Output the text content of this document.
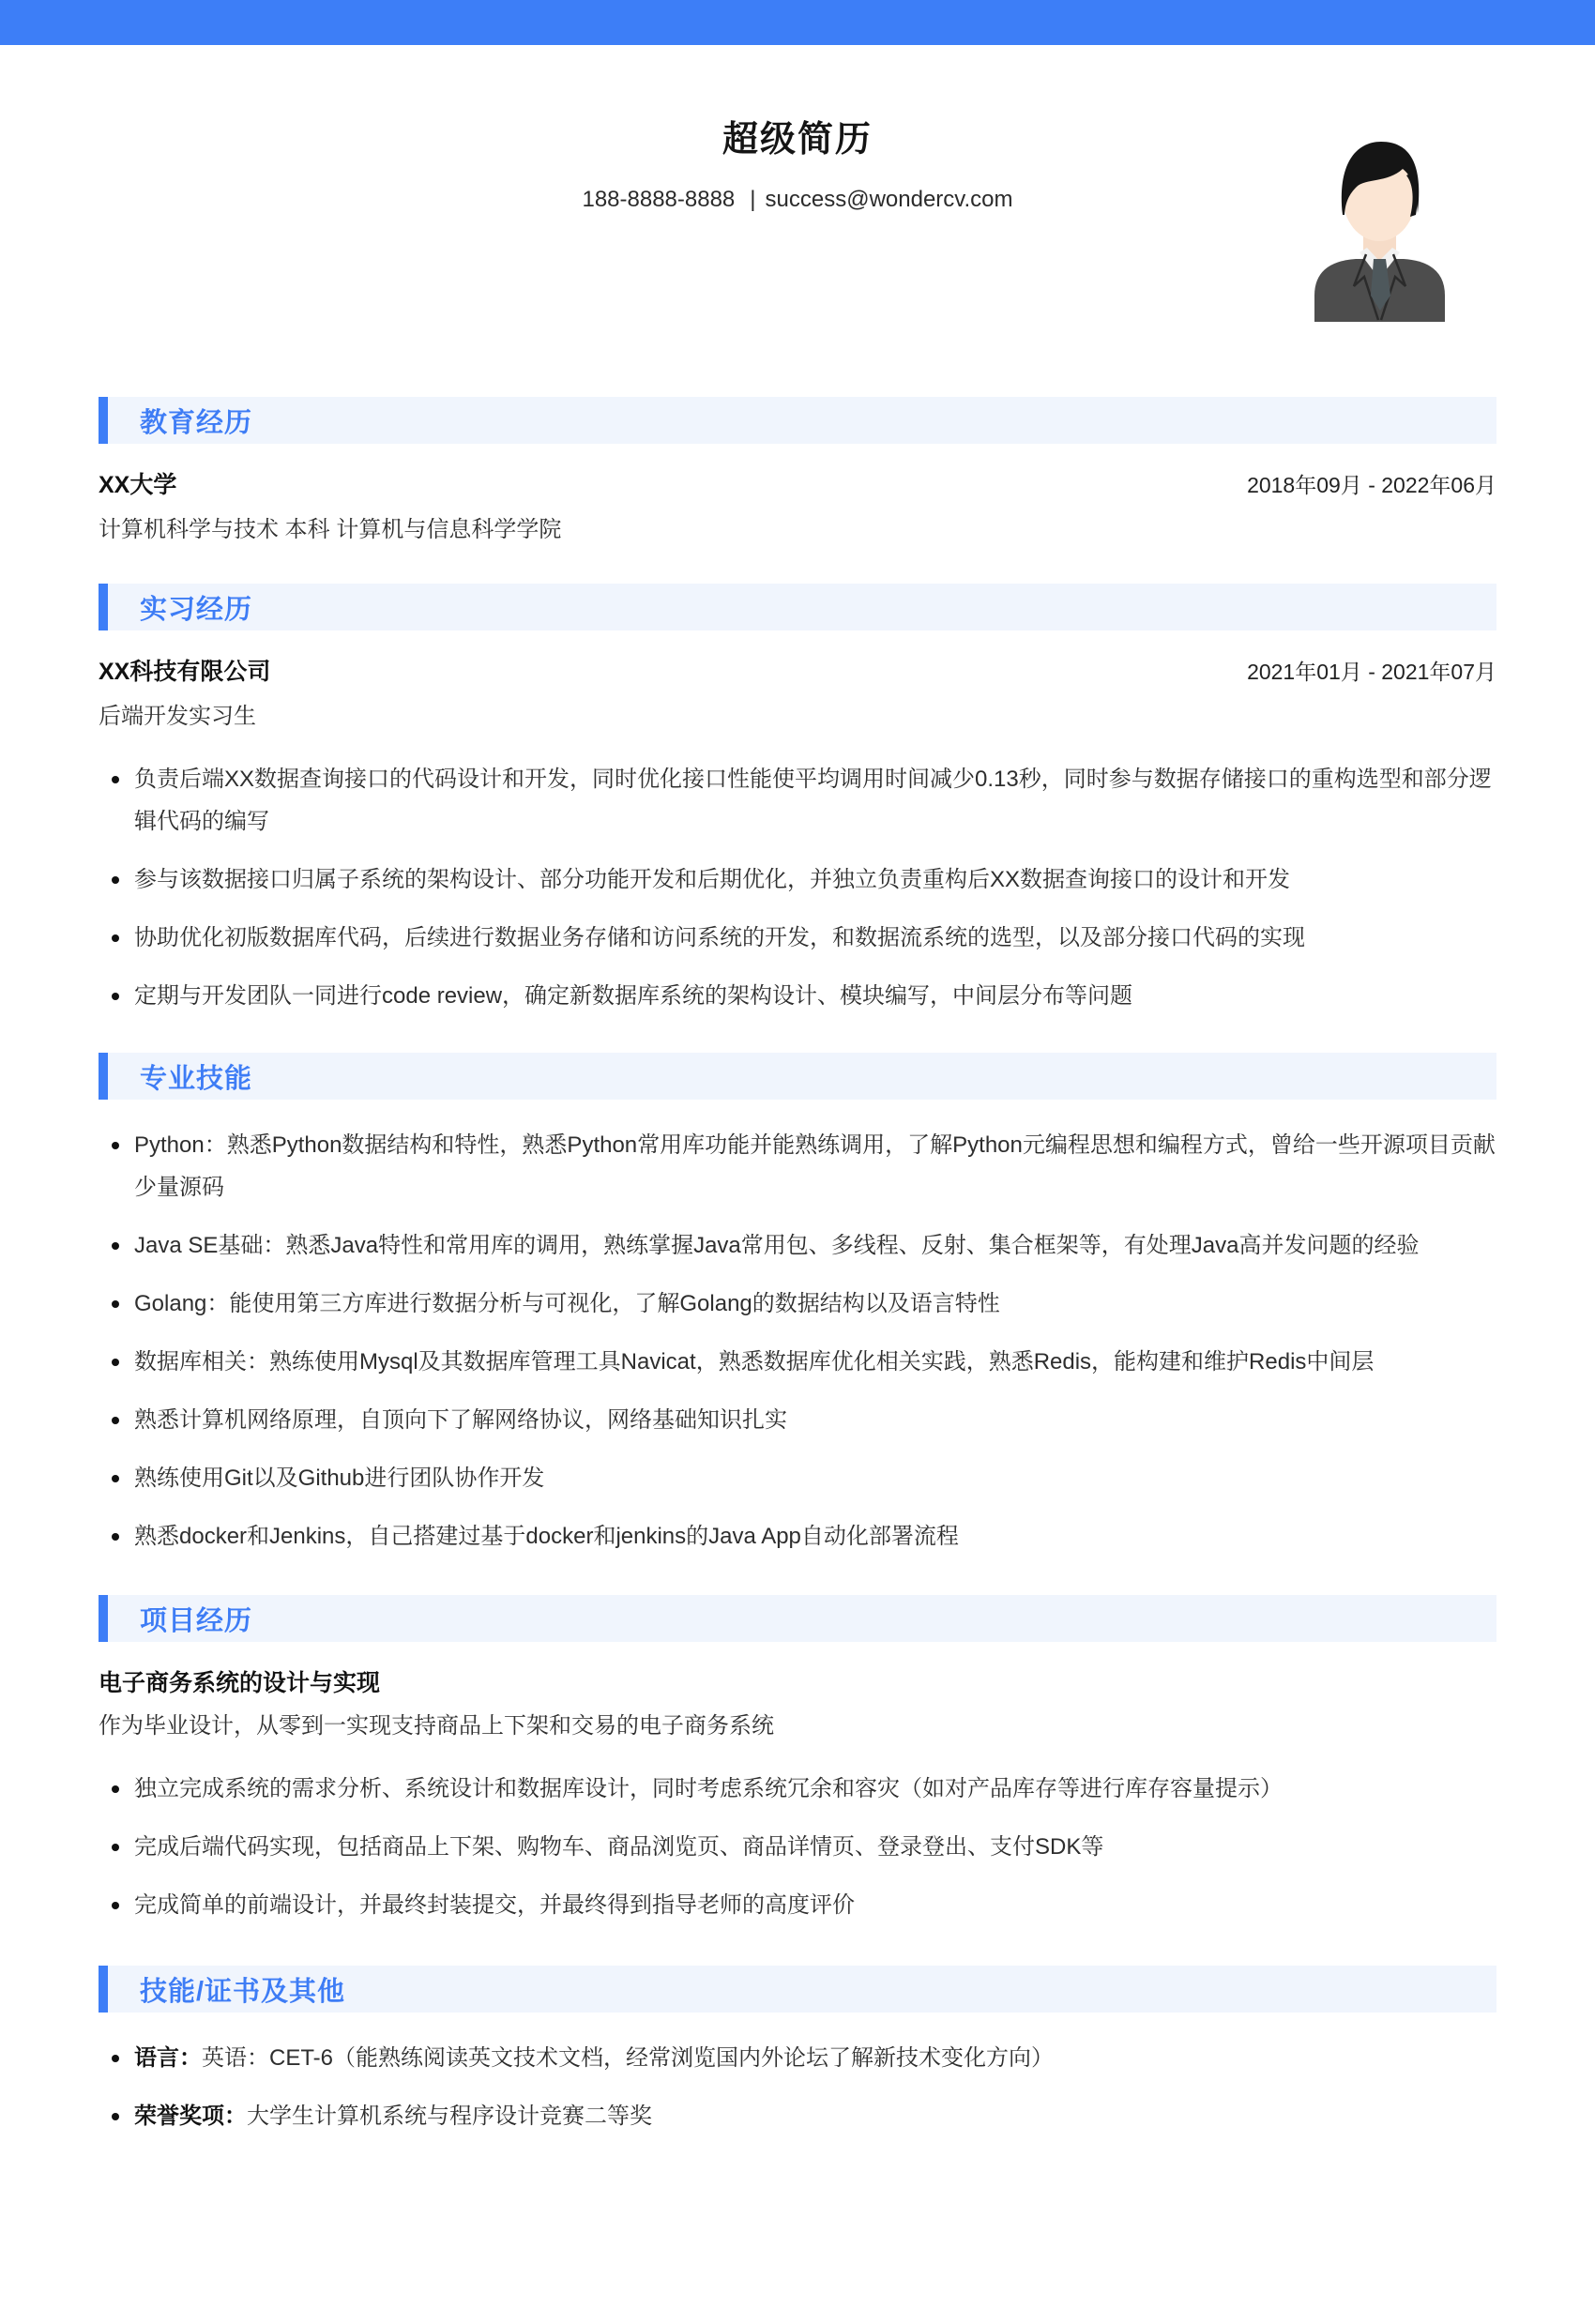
超级简历
188-8888-8888 | success@wondercv.com
教育经历
XX大学	2018年09月 - 2022年06月
计算机科学与技术 本科 计算机与信息科学学院
实习经历
XX科技有限公司	2021年01月 - 2021年07月
后端开发实习生
负责后端XX数据查询接口的代码设计和开发，同时优化接口性能使平均调用时间减少0.13秒，同时参与数据存储接口的重构选型和部分逻辑代码的编写
参与该数据接口归属子系统的架构设计、部分功能开发和后期优化，并独立负责重构后XX数据查询接口的设计和开发
协助优化初版数据库代码，后续进行数据业务存储和访问系统的开发，和数据流系统的选型，以及部分接口代码的实现
定期与开发团队一同进行code review，确定新数据库系统的架构设计、模块编写，中间层分布等问题
专业技能
Python：熟悉Python数据结构和特性，熟悉Python常用库功能并能熟练调用，了解Python元编程思想和编程方式，曾给一些开源项目贡献少量源码
Java SE基础：熟悉Java特性和常用库的调用，熟练掌握Java常用包、多线程、反射、集合框架等，有处理Java高并发问题的经验
Golang：能使用第三方库进行数据分析与可视化，了解Golang的数据结构以及语言特性
数据库相关：熟练使用Mysql及其数据库管理工具Navicat，熟悉数据库优化相关实践，熟悉Redis，能构建和维护Redis中间层
熟悉计算机网络原理，自顶向下了解网络协议，网络基础知识扎实
熟练使用Git以及Github进行团队协作开发
熟悉docker和Jenkins，自己搭建过基于docker和jenkins的Java App自动化部署流程
项目经历
电子商务系统的设计与实现
作为毕业设计，从零到一实现支持商品上下架和交易的电子商务系统
独立完成系统的需求分析、系统设计和数据库设计，同时考虑系统冗余和容灾（如对产品库存等进行库存容量提示）
完成后端代码实现，包括商品上下架、购物车、商品浏览页、商品详情页、登录登出、支付SDK等
完成简单的前端设计，并最终封装提交，并最终得到指导老师的高度评价
技能/证书及其他
语言：英语：CET-6（能熟练阅读英文技术文档，经常浏览国内外论坛了解新技术变化方向）
荣誉奖项：大学生计算机系统与程序设计竞赛二等奖
